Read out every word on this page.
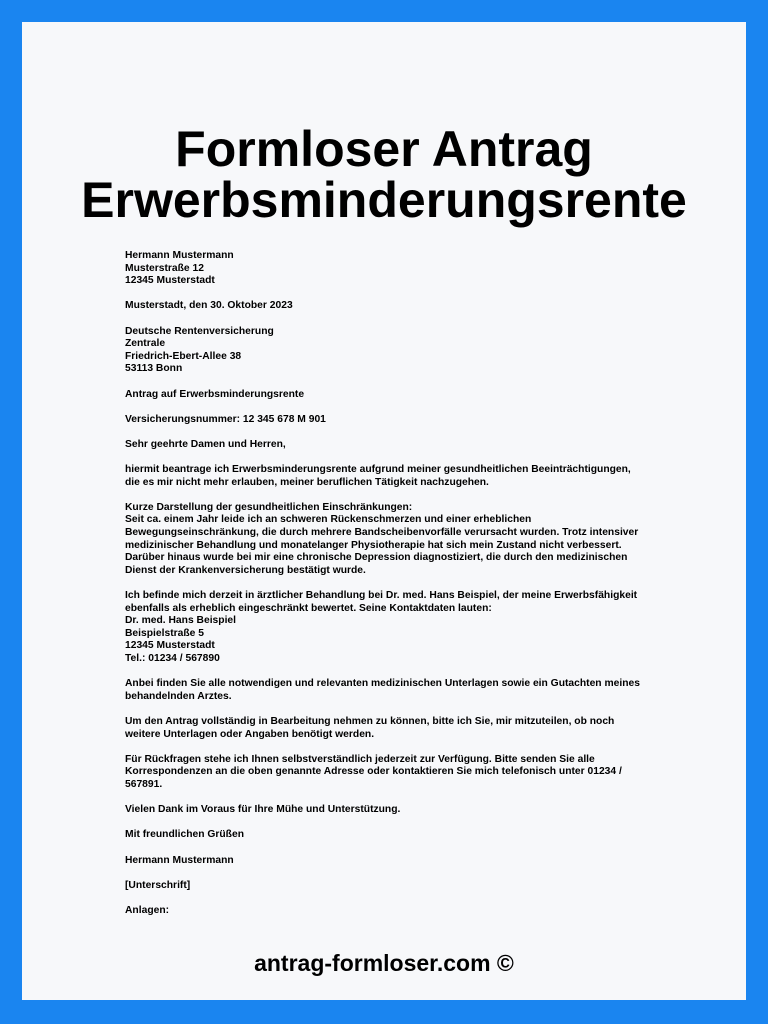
Formloser Antrag
Erwerbsminderungsrente

Hermann Mustermann
Musterstraße 12
12345 Musterstadt

Musterstadt, den 30. Oktober 2023

Deutsche Rentenversicherung
Zentrale
Friedrich-Ebert-Allee 38
53113 Bonn

Antrag auf Erwerbsminderungsrente

Versicherungsnummer: 12 345 678 M 901

Sehr geehrte Damen und Herren,

hiermit beantrage ich Erwerbsminderungsrente aufgrund meiner gesundheitlichen Beeinträchtigungen, die es mir nicht mehr erlauben, meiner beruflichen Tätigkeit nachzugehen.

Kurze Darstellung der gesundheitlichen Einschränkungen:
Seit ca. einem Jahr leide ich an schweren Rückenschmerzen und einer erheblichen Bewegungseinschränkung, die durch mehrere Bandscheibenvorfälle verursacht wurden. Trotz intensiver medizinischer Behandlung und monatelanger Physiotherapie hat sich mein Zustand nicht verbessert. Darüber hinaus wurde bei mir eine chronische Depression diagnostiziert, die durch den medizinischen Dienst der Krankenversicherung bestätigt wurde.

Ich befinde mich derzeit in ärztlicher Behandlung bei Dr. med. Hans Beispiel, der meine Erwerbsfähigkeit ebenfalls als erheblich eingeschränkt bewertet. Seine Kontaktdaten lauten:
Dr. med. Hans Beispiel
Beispielstraße 5
12345 Musterstadt
Tel.: 01234 / 567890

Anbei finden Sie alle notwendigen und relevanten medizinischen Unterlagen sowie ein Gutachten meines behandelnden Arztes.

Um den Antrag vollständig in Bearbeitung nehmen zu können, bitte ich Sie, mir mitzuteilen, ob noch weitere Unterlagen oder Angaben benötigt werden.

Für Rückfragen stehe ich Ihnen selbstverständlich jederzeit zur Verfügung. Bitte senden Sie alle Korrespondenzen an die oben genannte Adresse oder kontaktieren Sie mich telefonisch unter 01234 / 567891.

Vielen Dank im Voraus für Ihre Mühe und Unterstützung.

Mit freundlichen Grüßen

Hermann Mustermann

[Unterschrift]

Anlagen:

antrag-formloser.com ©
